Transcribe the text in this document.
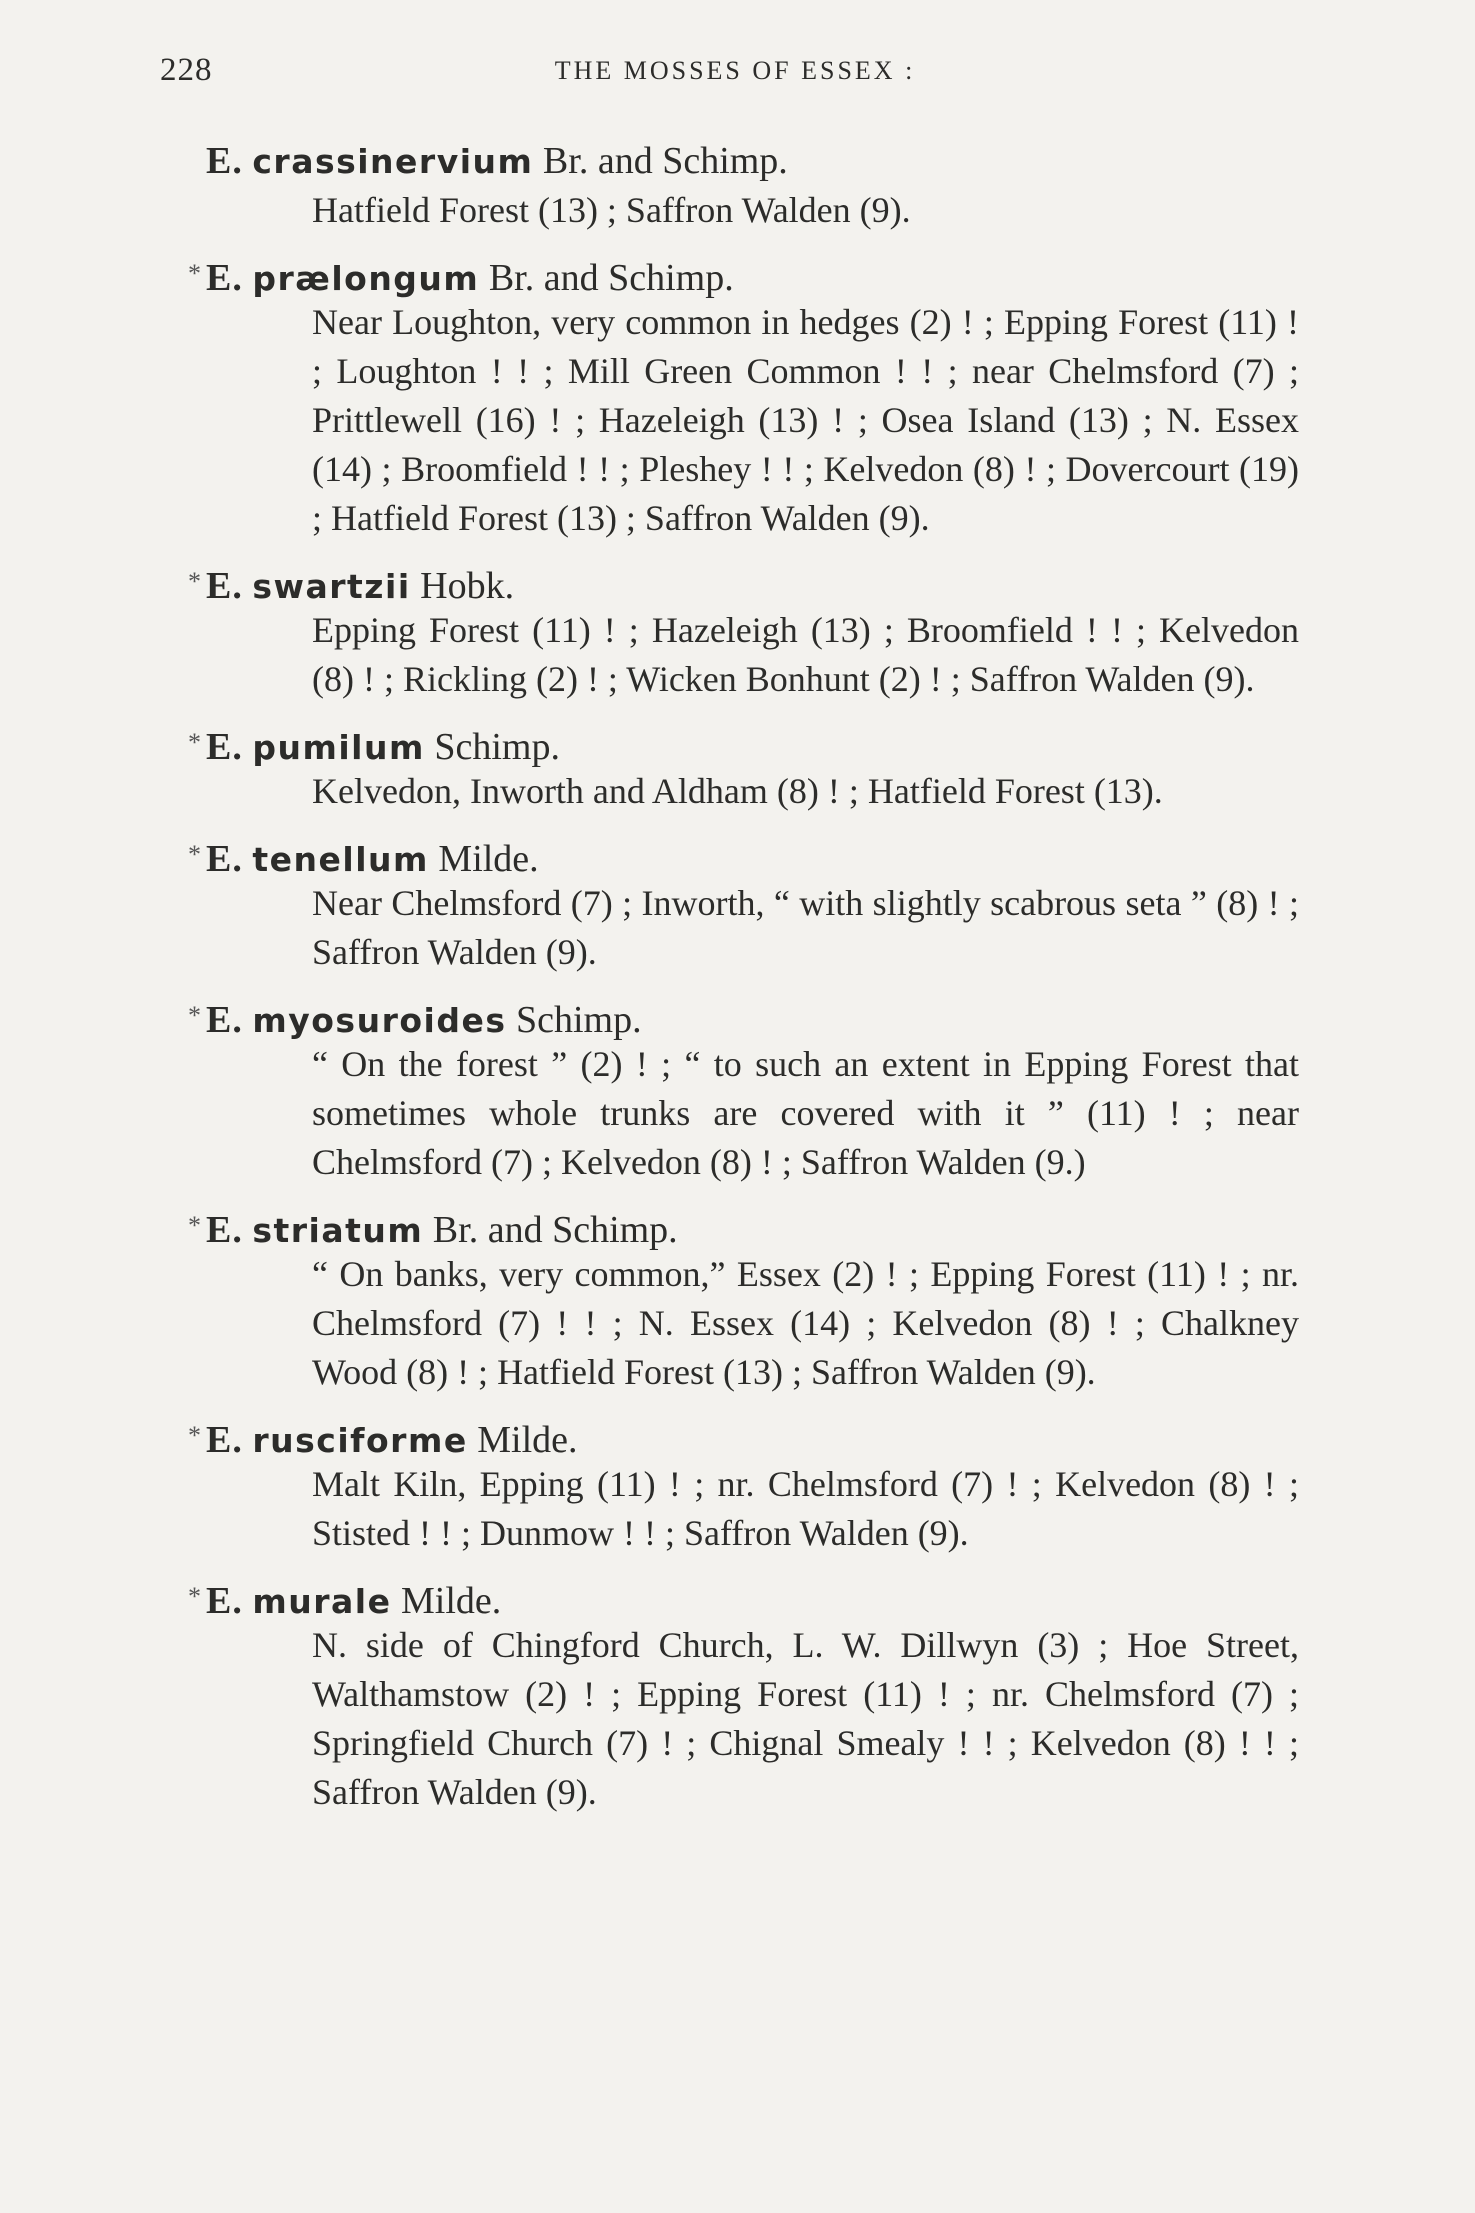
228	THE MOSSES OF ESSEX :
E. crassinervium Br. and Schimp.
Hatfield Forest (13) ; Saffron Walden (9).
* E. prælongum Br. and Schimp.
Near Loughton, very common in hedges (2) ! ; Epping Forest (11) ! ; Loughton ! ! ; Mill Green Common ! ! ; near Chelmsford (7) ; Prittlewell (16) ! ; Hazeleigh (13) ! ; Osea Island (13) ; N. Essex (14) ; Broomfield ! ! ; Pleshey ! ! ; Kelvedon (8) ! ; Dovercourt (19) ; Hatfield Forest (13) ; Saffron Walden (9).
* E. swartzii Hobk.
Epping Forest (11) ! ; Hazeleigh (13) ; Broomfield ! ! ; Kelvedon (8) ! ; Rickling (2) ! ; Wicken Bonhunt (2) ! ; Saffron Walden (9).
* E. pumilum Schimp.
Kelvedon, Inworth and Aldham (8) ! ; Hatfield Forest (13).
* E. tenellum Milde.
Near Chelmsford (7) ; Inworth, “ with slightly scabrous seta ” (8) ! ; Saffron Walden (9).
* E. myosuroides Schimp.
“ On the forest ” (2) ! ; “ to such an extent in Epping Forest that sometimes whole trunks are covered with it ” (11) ! ; near Chelmsford (7) ; Kelvedon (8) ! ; Saffron Walden (9.)
* E. striatum Br. and Schimp.
“ On banks, very common,” Essex (2) ! ; Epping Forest (11) ! ; nr. Chelmsford (7) ! ! ; N. Essex (14) ; Kelvedon (8) ! ; Chalkney Wood (8) ! ; Hatfield Forest (13) ; Saffron Walden (9).
* E. rusciforme Milde.
Malt Kiln, Epping (11) ! ; nr. Chelmsford (7) ! ; Kelvedon (8) ! ; Stisted ! ! ; Dunmow ! ! ; Saffron Walden (9).
* E. murale Milde.
N. side of Chingford Church, L. W. Dillwyn (3) ; Hoe Street, Walthamstow (2) ! ; Epping Forest (11) ! ; nr. Chelmsford (7) ; Springfield Church (7) ! ; Chignal Smealy ! ! ; Kelvedon (8) ! ! ; Saffron Walden (9).
